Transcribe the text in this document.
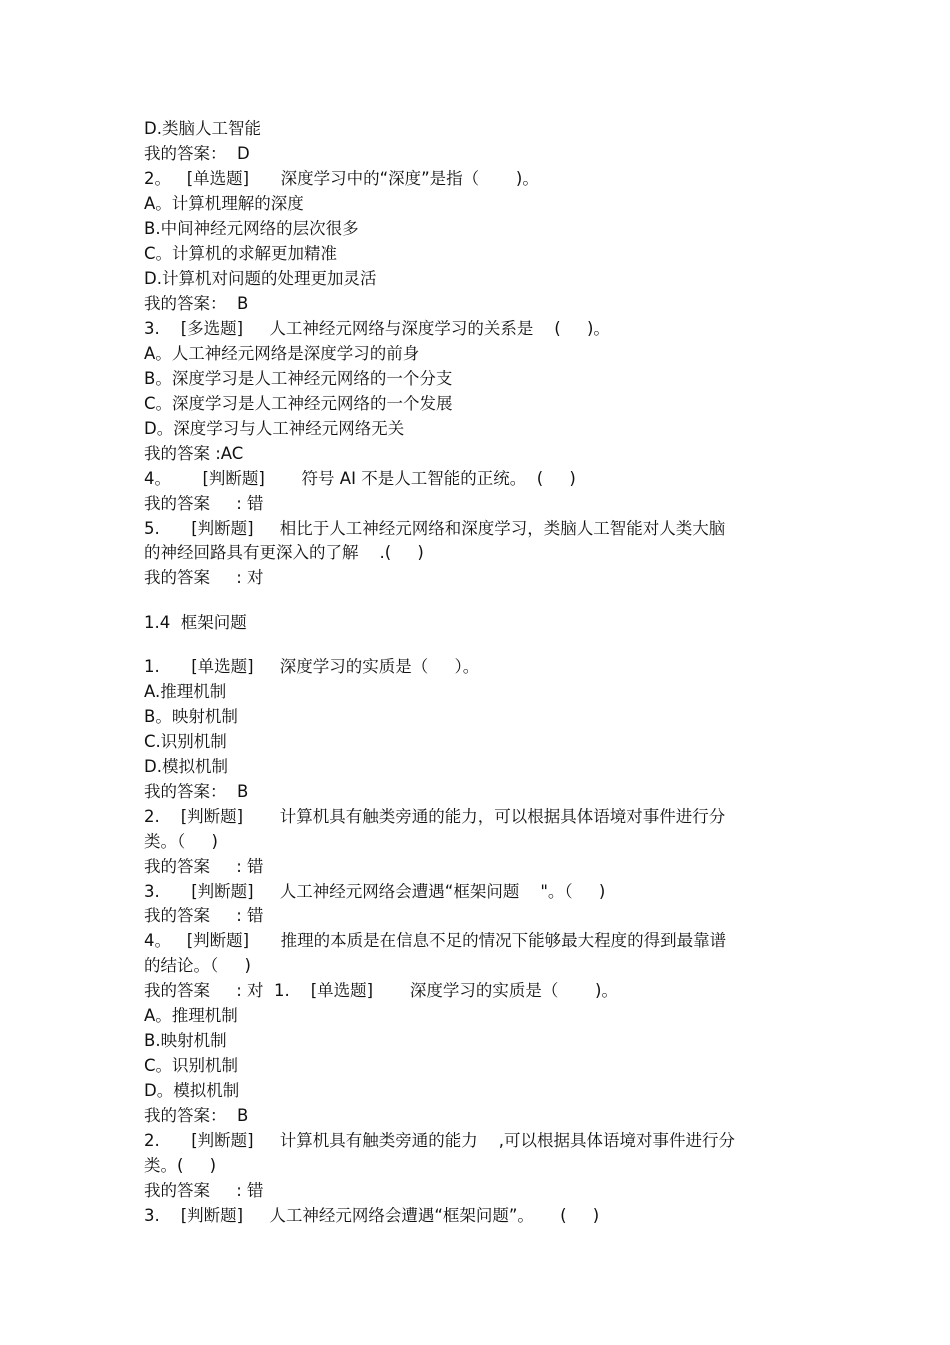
D.类脑人工智能

我的答案：  D

2。   [单选题]      深度学习中的“深度”是指（       )。

A。计算机理解的深度

B.中间神经元网络的层次很多

C。计算机的求解更加精准

D.计算机对问题的处理更加灵活

我的答案：  B

3.    [多选题]     人工神经元网络与深度学习的关系是    (     )。

A。人工神经元网络是深度学习的前身

B。深度学习是人工神经元网络的一个分支

C。深度学习是人工神经元网络的一个发展

D。深度学习与人工神经元网络无关

我的答案 :AC

4。      [判断题]       符号 AI 不是人工智能的正统。  (     )

我的答案     : 错

5.      [判断题]     相比于人工神经元网络和深度学习，类脑人工智能对人类大脑

的神经回路具有更深入的了解    .(     )

我的答案     : 对

1.4  框架问题

1.      [单选题]     深度学习的实质是（     ）。

A.推理机制

B。映射机制

C.识别机制

D.模拟机制

我的答案：  B

2.    [判断题]       计算机具有触类旁通的能力，可以根据具体语境对事件进行分

类。（     )

我的答案     : 错

3.      [判断题]     人工神经元网络会遭遇“框架问题    "。（     )

我的答案     : 错

4。   [判断题]      推理的本质是在信息不足的情况下能够最大程度的得到最靠谱

的结论。（     )

我的答案     : 对  1.    [单选题]       深度学习的实质是（       )。

A。推理机制

B.映射机制

C。识别机制

D。模拟机制

我的答案：  B

2.      [判断题]     计算机具有触类旁通的能力    ,可以根据具体语境对事件进行分

类。(     )

我的答案     : 错

3.    [判断题]     人工神经元网络会遭遇“框架问题”。     (     )
